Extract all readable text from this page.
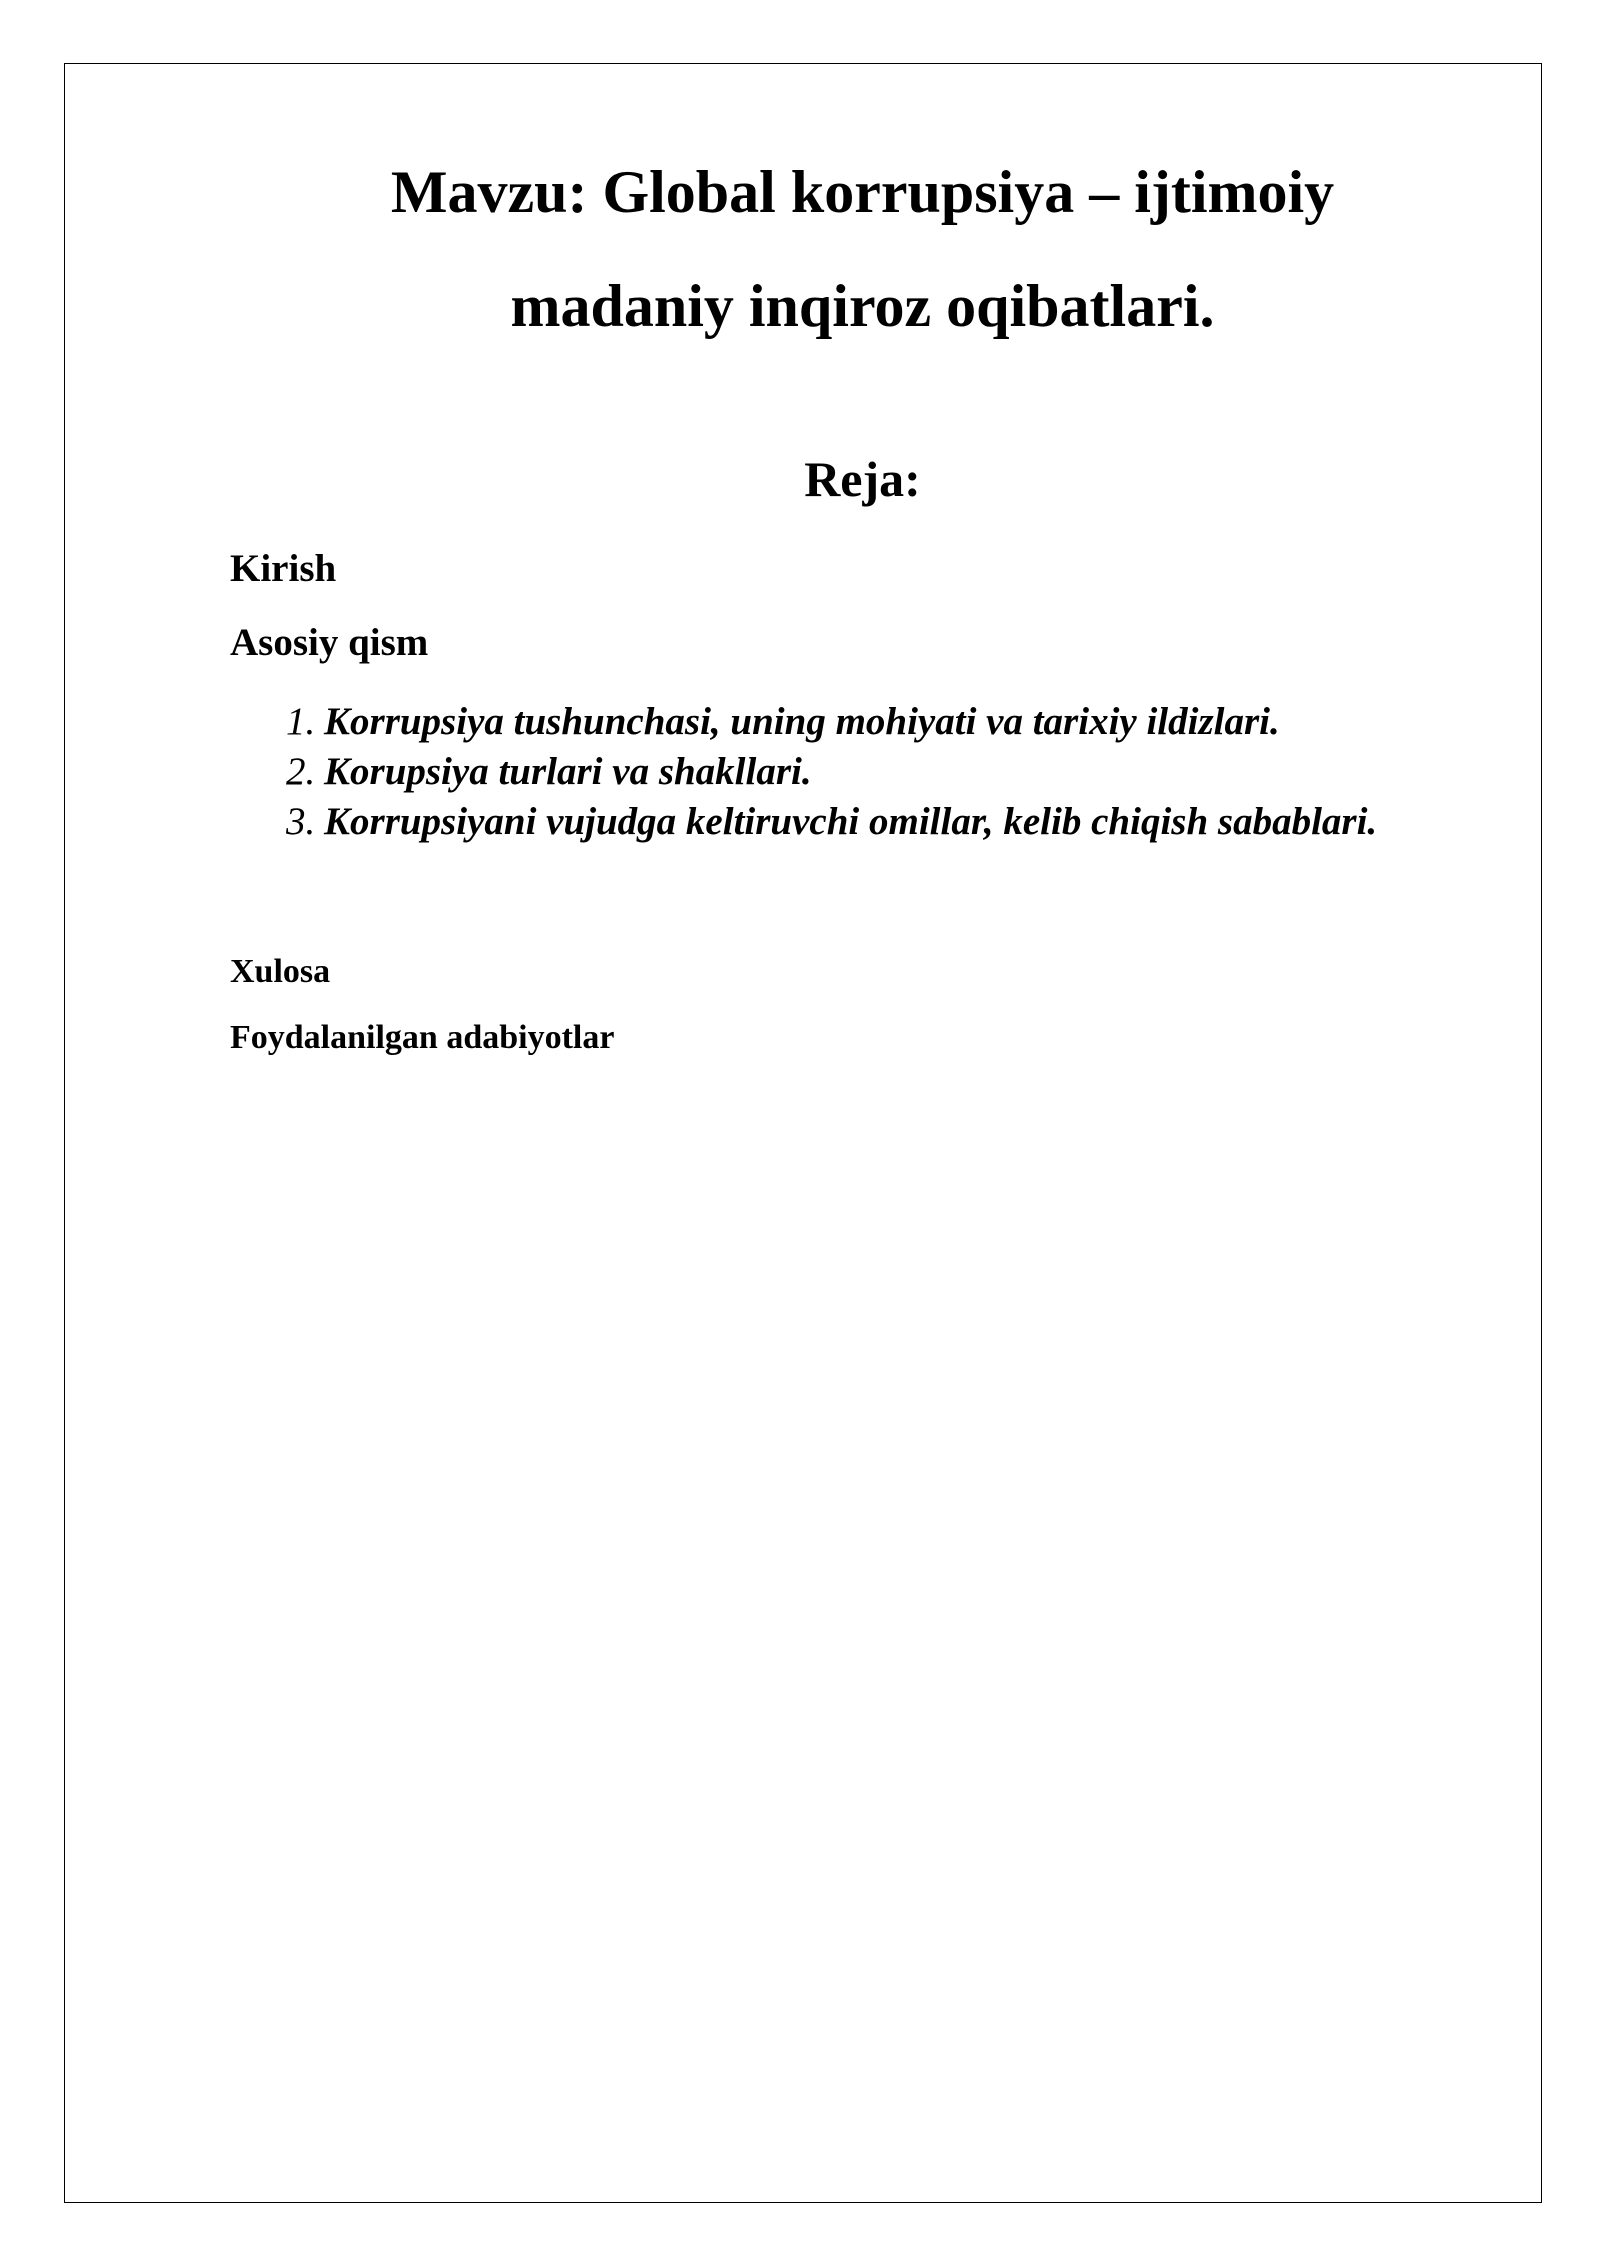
Mavzu: Global korrupsiya – ijtimoiy
madaniy inqiroz oqibatlari.
Reja:
Kirish
Asosiy qism
1. Korrupsiya tushunchasi, uning mohiyati va tarixiy ildizlari.
2. Korupsiya turlari va shakllari.
3. Korrupsiyani vujudga keltiruvchi omillar, kelib chiqish sabablari.
Xulosa
Foydalanilgan adabiyotlar
